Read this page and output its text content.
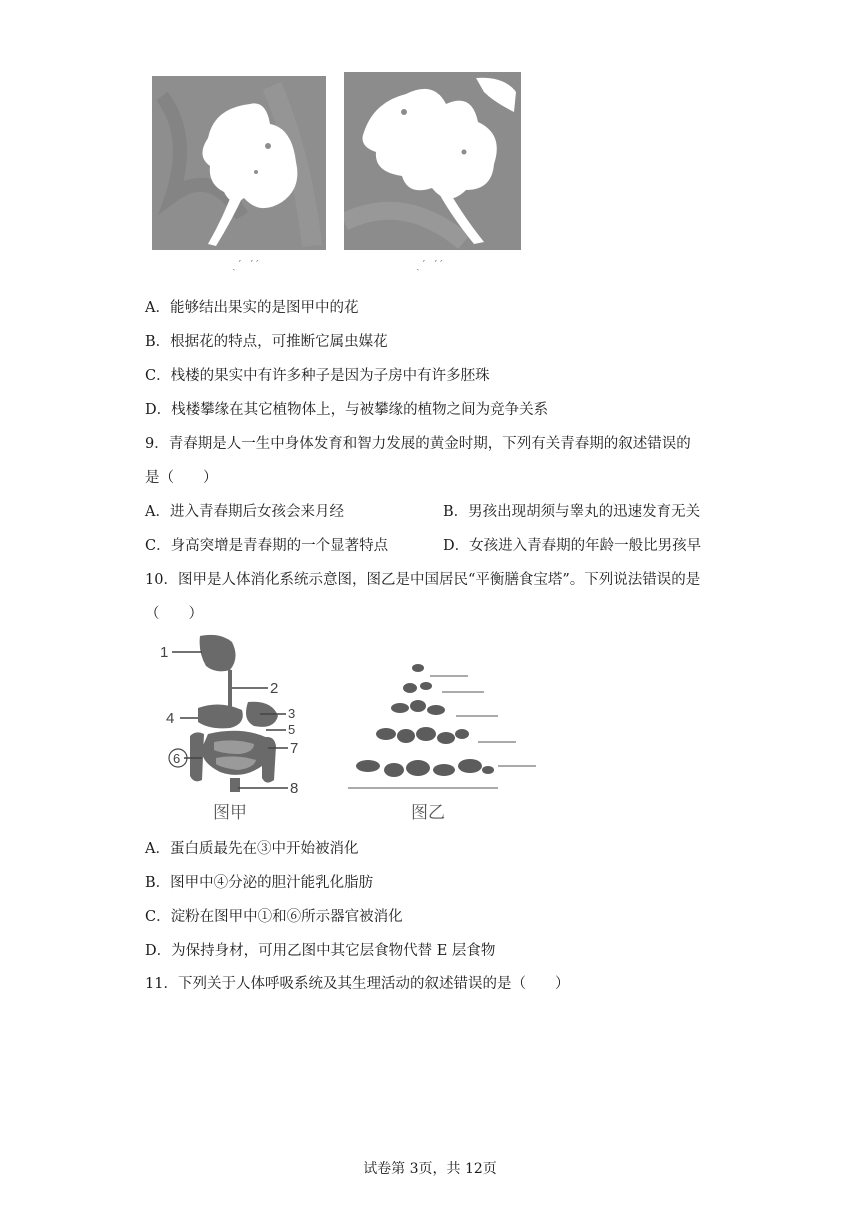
ˎ′ ′′	ˎ′ ′′
A．能够结出果实的是图甲中的花
B．根据花的特点，可推断它属虫媒花
C．栈楼的果实中有许多种子是因为子房中有许多胚珠
D．栈楼攀缘在其它植物体上，与被攀缘的植物之间为竞争关系
9．青春期是人一生中身体发育和智力发展的黄金时期，下列有关青春期的叙述错误的
是（　　）
A．进入青春期后女孩会来月经	B．男孩出现胡须与睾丸的迅速发育无关
C．身高突增是青春期的一个显著特点	D．女孩进入青春期的年龄一般比男孩早
10．图甲是人体消化系统示意图，图乙是中国居民“平衡膳食宝塔”。下列说法错误的是
（　　）
1
2
3
4
5
6
7
8
图甲	图乙
A．蛋白质最先在③中开始被消化
B．图甲中④分泌的胆汁能乳化脂肪
C．淀粉在图甲中①和⑥所示器官被消化
D．为保持身材，可用乙图中其它层食物代替 E 层食物
11．下列关于人体呼吸系统及其生理活动的叙述错误的是（　　）
试卷第 3页，共 12页
